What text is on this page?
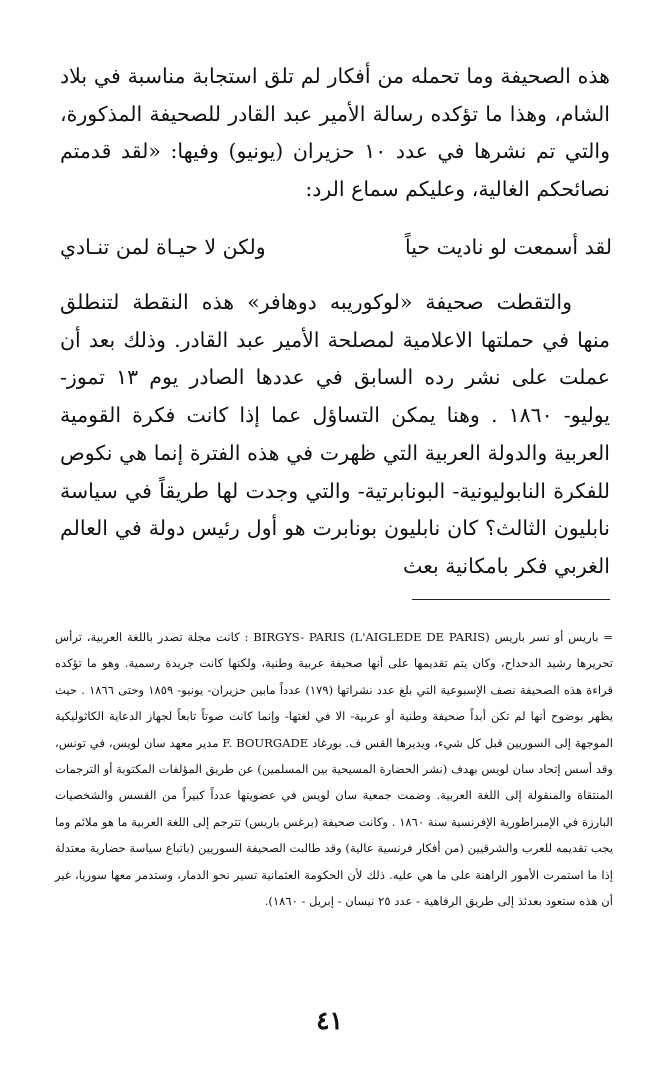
هذه الصحيفة وما تحمله من أفكار لم تلق استجابة مناسبة في بلاد الشام، وهذا ما تؤكده رسالة الأمير عبد القادر للصحيفة المذكورة، والتي تم نشرها في عدد ١٠ حزيران (يونيو) وفيها: «لقد قدمتم نصائحكم الغالية، وعليكم سماع الرد:

لقد أسمعت لو ناديت حياً
ولكن لا حيـاة لمن تنـادي
والتقطت صحيفة «لوكوريبه دوهافر» هذه النقطة لتنطلق منها في حملتها الاعلامية لمصلحة الأمير عبد القادر. وذلك بعد أن عملت على نشر رده السابق في عددها الصادر يوم ١٣ تموز- يوليو- ١٨٦٠ . وهنا يمكن التساؤل عما إذا كانت فكرة القومية العربية والدولة العربية التي ظهرت في هذه الفترة إنما هي نكوص للفكرة النابوليونية- البونابرتية- والتي وجدت لها طريقاً في سياسة نابليون الثالث؟ كان نابليون بونابرت هو أول رئيس دولة في العالم الغربي فكر بامكانية بعث

= باريس أو نسر باريس BIRGYS- PARIS (L'AIGLEDE DE PARIS) : كانت مجلة تصدر باللغة العربية، ترأس تحريرها رشيد الدحداح، وكان يتم تقديمها على أنها صحيفة عربية وطنية، ولكنها كانت جريدة رسمية. وهو ما تؤكده قراءة هذه الصحيفة نصف الإسبوعية التي بلغ عدد نشراتها (١٧٩) عدداً مابين حزيران- يونيو- ١٨٥٩ وحتى ١٨٦٦ . حيث يظهر بوضوح أنها لم تكن أبداً صحيفة وطنية أو عربية- الا في لغتها- وإنما كانت صوتاً تابعاً لجهاز الدعاية الكاثوليكية الموجهة إلى السوريين قبل كل شيء، ويديرها القس ف. بورغاد F. BOURGADE مدير معهد سان لويس، في تونس، وقد أسس إتحاد سان لويس بهدف (نشر الحضارة المسيحية بين المسلمين) عن طريق المؤلفات المكتوبة أو الترجمات المنتقاة والمنقولة إلى اللغة العربية. وضمت جمعية سان لويس في عضويتها عدداً كبيراً من القسس والشخصيات البارزة في الإمبراطورية الإفرنسية سنة ١٨٦٠ . وكانت صحيفة (برغس باريس) تترجم إلى اللغة العربية ما هو ملائم وما يجب تقديمه للعرب والشرقيين (من أفكار فرنسية عالية) وقد طالبت الصحيفة السوريين (باتباع سياسة حضارية معتدلة إذا ما استمرت الأمور الراهنة على ما هي عليه. ذلك لأن الحكومة العثمانية تسير نحو الدمار، وستدمر معها سوريا، غير أن هذه ستعود بعدئذ إلى طريق الرفاهية - عدد ٢٥ نيسان - إبريل - ١٨٦٠).

٤١
